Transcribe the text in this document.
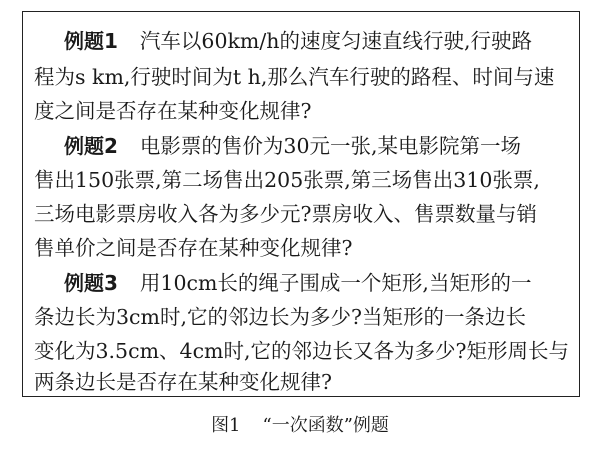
例题1 汽车以60km/h的速度匀速直线行驶,行驶路
程为s km,行驶时间为t h,那么汽车行驶的路程、时间与速
度之间是否存在某种变化规律?
例题2 电影票的售价为30元一张,某电影院第一场
售出150张票,第二场售出205张票,第三场售出310张票,
三场电影票房收入各为多少元?票房收入、售票数量与销
售单价之间是否存在某种变化规律?
例题3 用10cm长的绳子围成一个矩形,当矩形的一
条边长为3cm时,它的邻边长为多少?当矩形的一条边长
变化为3.5cm、4cm时,它的邻边长又各为多少?矩形周长与
两条边长是否存在某种变化规律?
图1 “一次函数”例题
